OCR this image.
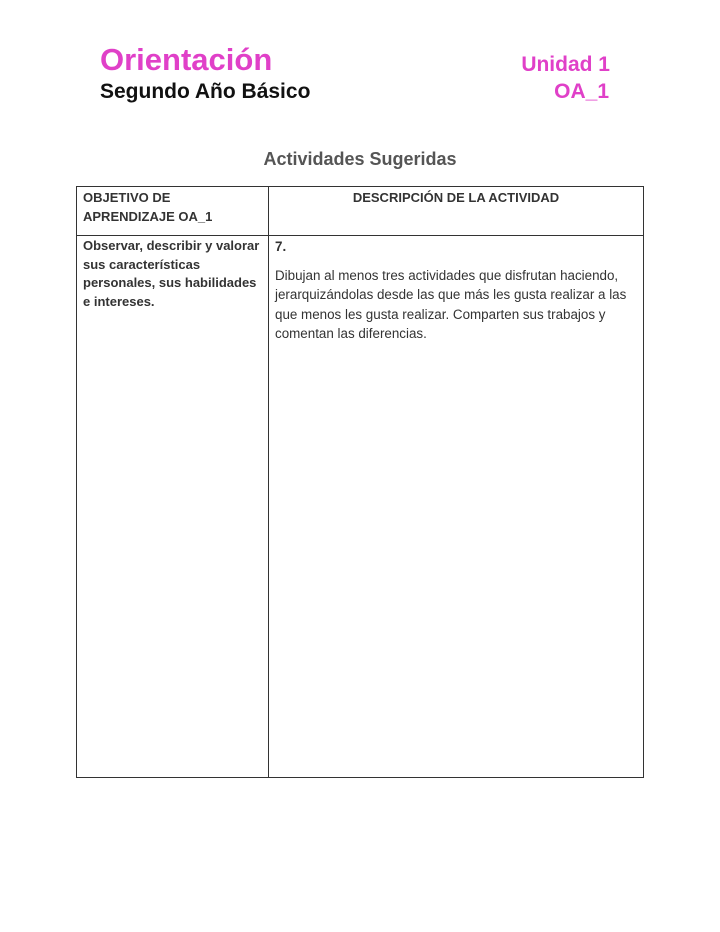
Orientación
Segundo Año Básico
Unidad 1
OA_1
Actividades Sugeridas
OBJETIVO DE APRENDIZAJE OA_1	DESCRIPCIÓN DE LA ACTIVIDAD
Observar, describir y valorar sus características personales, sus habilidades e intereses.	7.
Dibujan al menos tres actividades que disfrutan haciendo, jerarquizándolas desde las que más les gusta realizar a las que menos les gusta realizar. Comparten sus trabajos y comentan las diferencias.
